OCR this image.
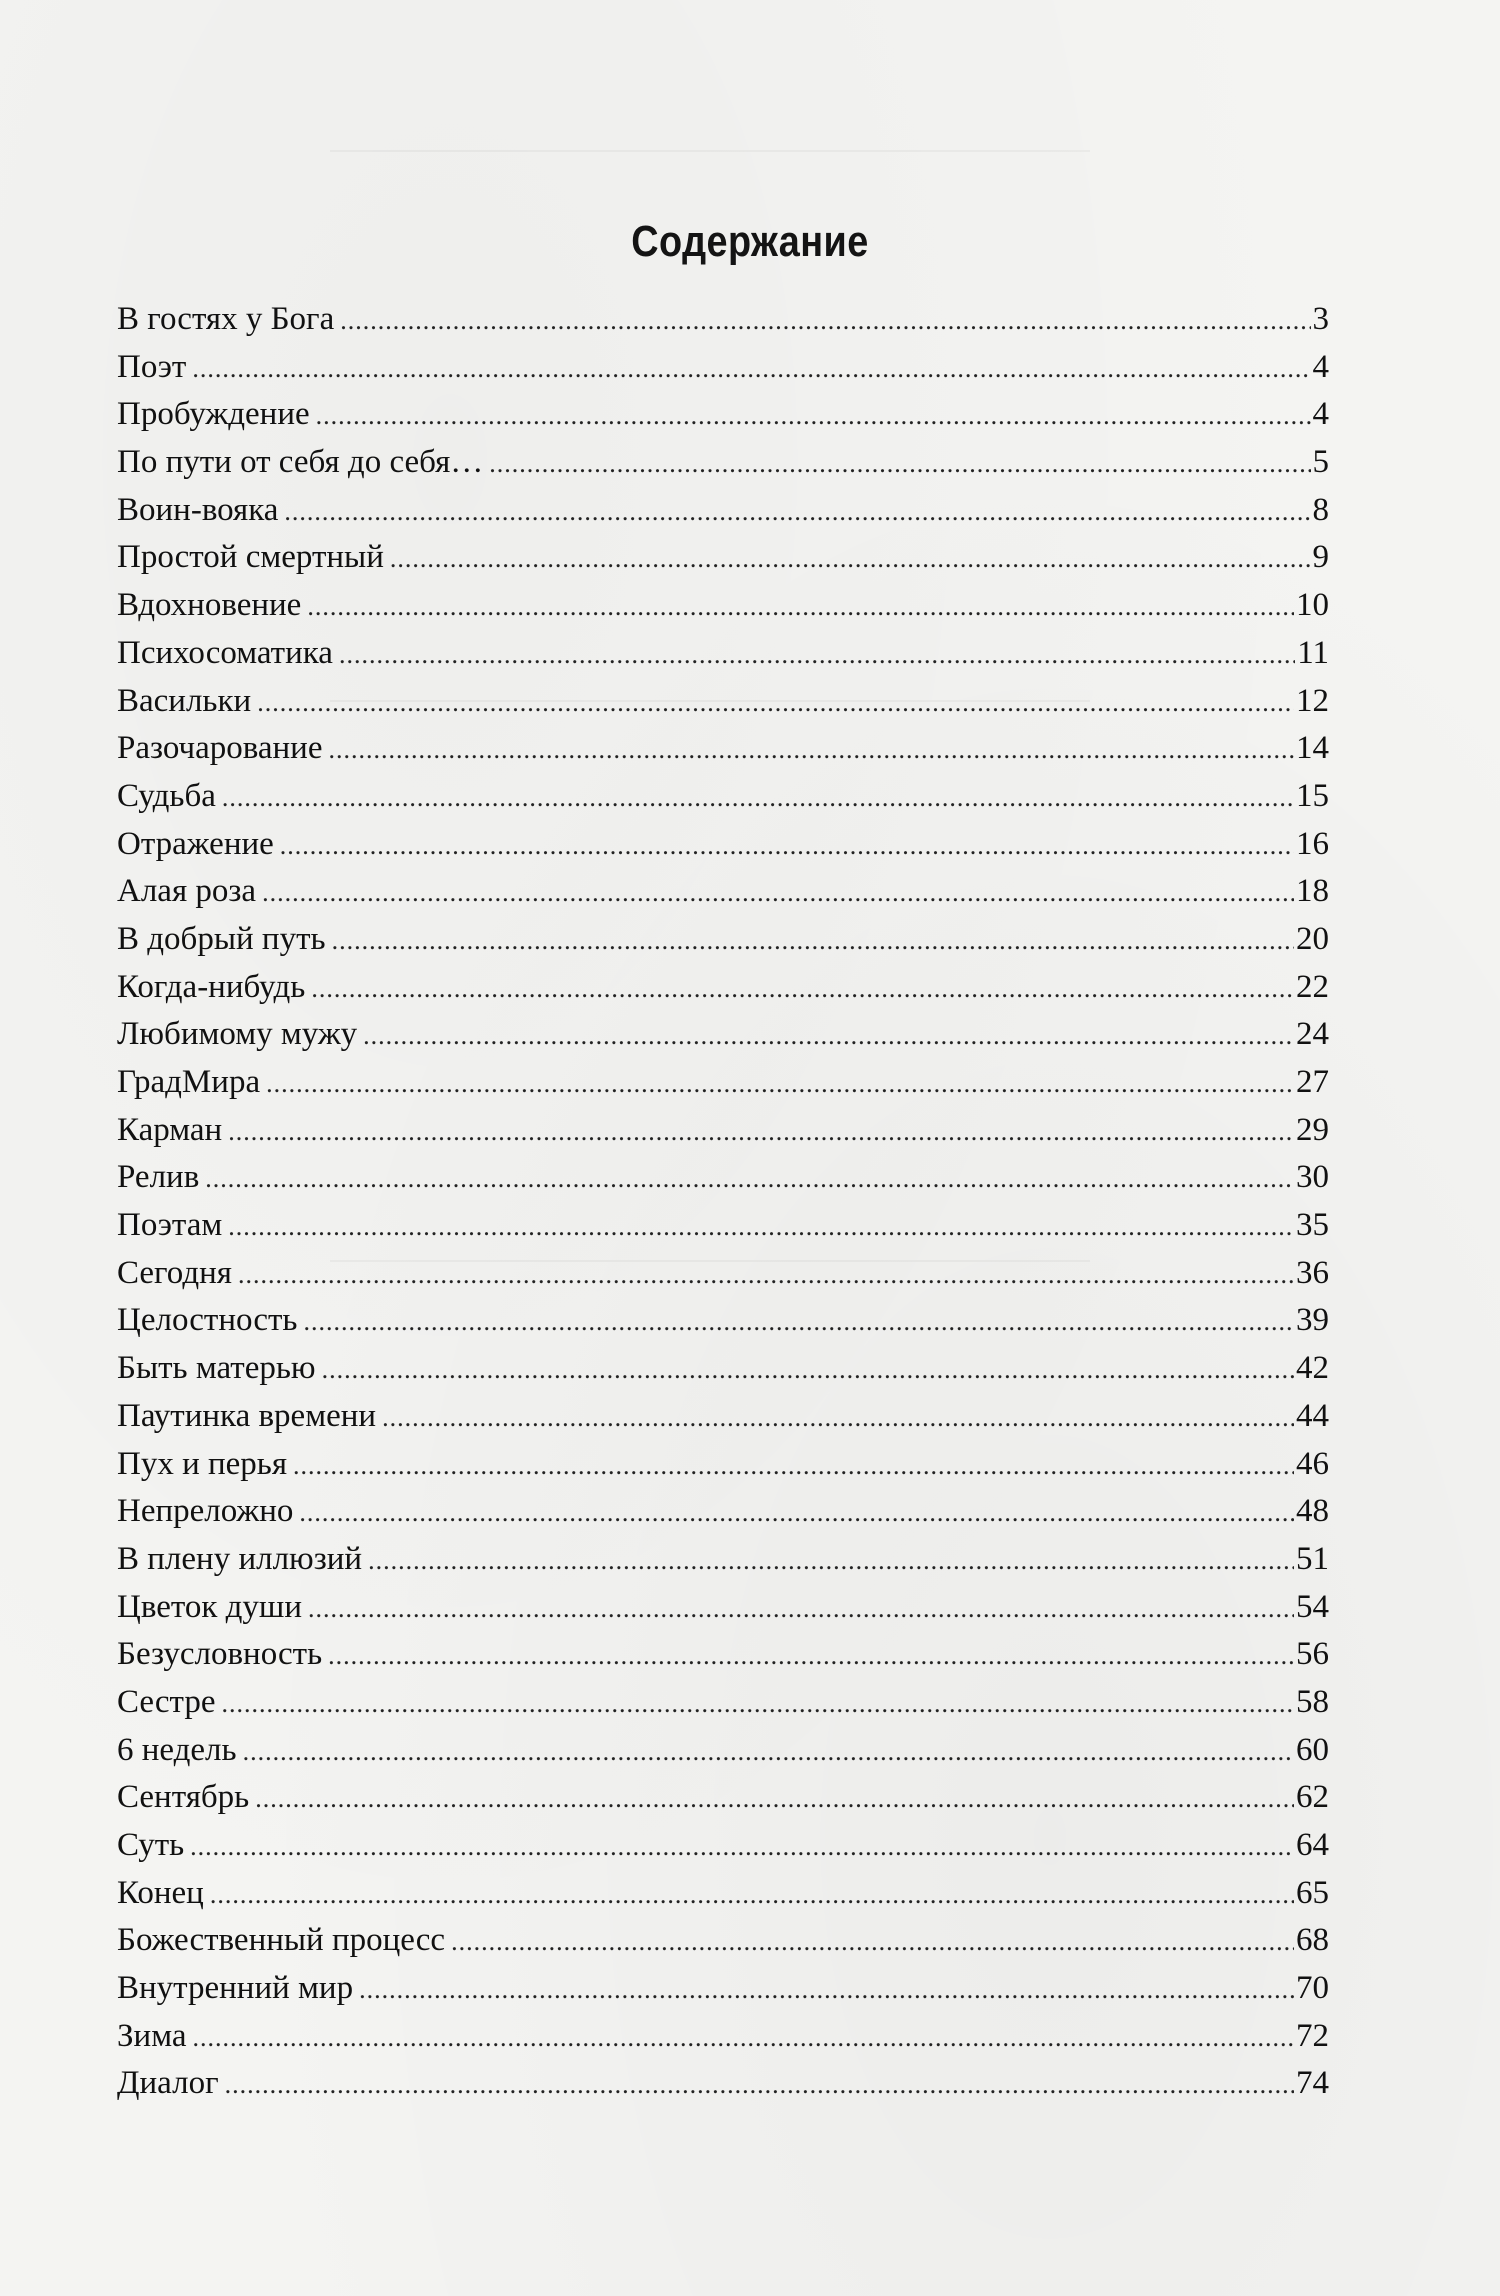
Содержание
В гостях у Бога .....	3
Поэт .....	4
Пробуждение .....	4
По пути от себя до себя… .....	5
Воин-вояка .....	8
Простой смертный .....	9
Вдохновение .....	10
Психосоматика .....	11
Васильки .....	12
Разочарование .....	14
Судьба .....	15
Отражение .....	16
Алая роза .....	18
В добрый путь .....	20
Когда-нибудь .....	22
Любимому мужу .....	24
ГрадМира .....	27
Карман .....	29
Релив .....	30
Поэтам .....	35
Сегодня .....	36
Целостность .....	39
Быть матерью .....	42
Паутинка времени .....	44
Пух и перья .....	46
Непреложно .....	48
В плену иллюзий .....	51
Цветок души .....	54
Безусловность .....	56
Сестре .....	58
6 недель .....	60
Сентябрь .....	62
Суть .....	64
Конец .....	65
Божественный процесс .....	68
Внутренний мир .....	70
Зима .....	72
Диалог .....	74
